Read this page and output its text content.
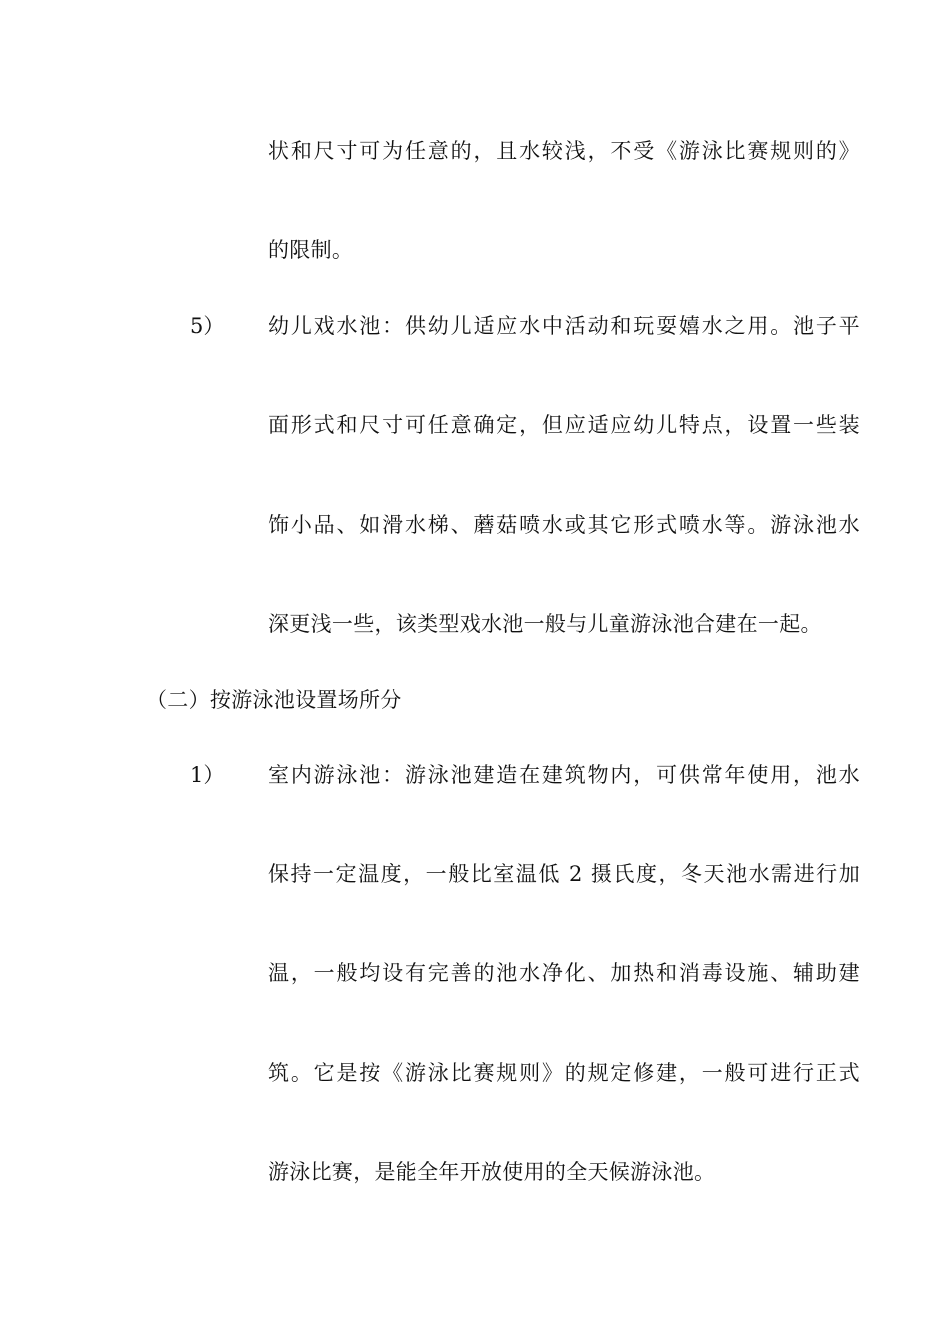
状和尺寸可为任意的，且水较浅，不受《游泳比赛规则的》
的限制。
5） 幼儿戏水池：供幼儿适应水中活动和玩耍嬉水之用。池子平
面形式和尺寸可任意确定，但应适应幼儿特点，设置一些装
饰小品、如滑水梯、蘑菇喷水或其它形式喷水等。游泳池水
深更浅一些，该类型戏水池一般与儿童游泳池合建在一起。
（二）按游泳池设置场所分
1） 室内游泳池：游泳池建造在建筑物内，可供常年使用，池水
保持一定温度，一般比室温低 2 摄氏度，冬天池水需进行加
温，一般均设有完善的池水净化、加热和消毒设施、辅助建
筑。它是按《游泳比赛规则》的规定修建，一般可进行正式
游泳比赛，是能全年开放使用的全天候游泳池。
